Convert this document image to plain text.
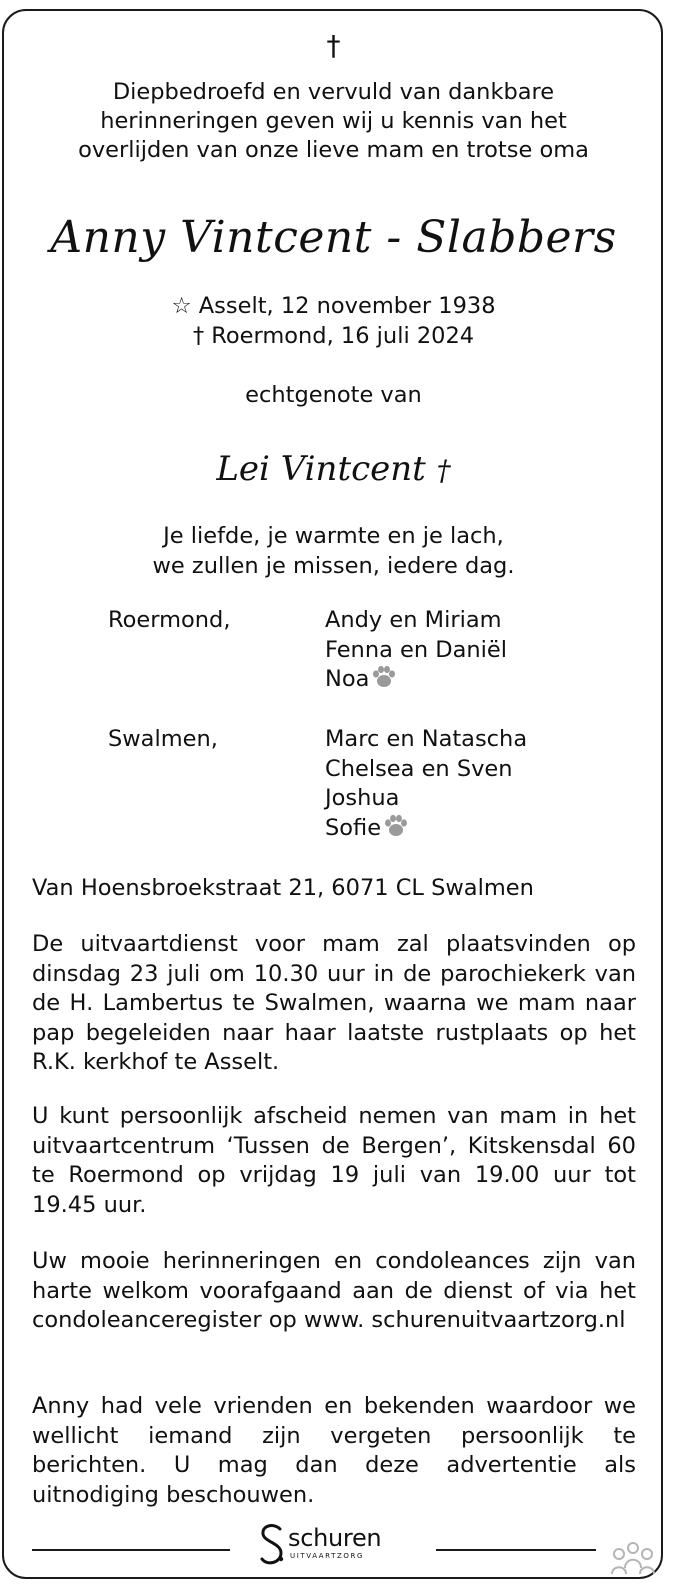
†
Diepbedroefd en vervuld van dankbare
herinneringen geven wij u kennis van het
overlijden van onze lieve mam en trotse oma
Anny Vintcent - Slabbers
☆ Asselt, 12 november 1938
† Roermond, 16 juli 2024
echtgenote van
Lei Vintcent †
Je liefde, je warmte en je lach,
we zullen je missen, iedere dag.
Roermond,	Andy en Miriam
Fenna en Daniël
Noa
Swalmen,	Marc en Natascha
Chelsea en Sven
Joshua
Sofie
Van Hoensbroekstraat 21, 6071 CL Swalmen
De uitvaartdienst voor mam zal plaatsvinden op dinsdag 23 juli om 10.30 uur in de parochiekerk van de H. Lambertus te Swalmen, waarna we mam naar pap begeleiden naar haar laatste rustplaats op het R.K. kerkhof te Asselt.
U kunt persoonlijk afscheid nemen van mam in het uitvaartcentrum ‘Tussen de Bergen’, Kitskensdal 60 te Roermond op vrijdag 19 juli van 19.00 uur tot 19.45 uur.
Uw mooie herinneringen en condoleances zijn van harte welkom voorafgaand aan de dienst of via het condoleanceregister op www. schurenuitvaartzorg.nl
Anny had vele vrienden en bekenden waardoor we wellicht iemand zijn vergeten persoonlijk te berichten. U mag dan deze advertentie als uitnodiging beschouwen.
schuren
UITVAARTZORG
